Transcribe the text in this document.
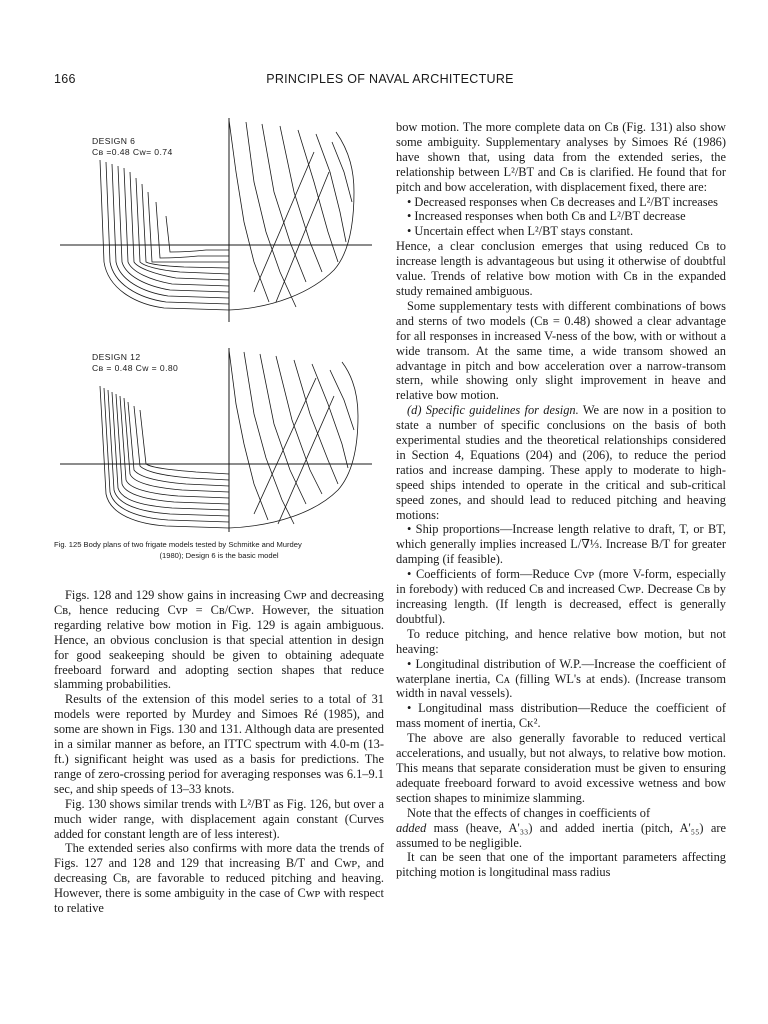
166	PRINCIPLES OF NAVAL ARCHITECTURE
DESIGN 6
Cʙ =0.48 Cᴡ= 0.74
DESIGN 12
Cʙ = 0.48 Cᴡ = 0.80
Fig. 125 Body plans of two frigate models tested by Schmitke and Murdey
(1980); Design 6 is the basic model

bow motion. The more complete data on Cʙ (Fig. 131) also show some ambiguity. Supplementary analyses by Simoes Ré (1986) have shown that, using data from the extended series, the relationship between L²/BT and Cʙ is clarified. He found that for pitch and bow acceleration, with displacement fixed, there are:

• Decreased responses when Cʙ decreases and L²/BT increases

• Increased responses when both Cʙ and L²/BT decrease

• Uncertain effect when L²/BT stays constant.

Hence, a clear conclusion emerges that using reduced Cʙ to increase length is advantageous but using it otherwise of doubtful value. Trends of relative bow motion with Cʙ in the expanded study remained ambiguous.

Some supplementary tests with different combinations of bows and sterns of two models (Cʙ = 0.48) showed a clear advantage for all responses in increased V-ness of the bow, with or without a wide transom. At the same time, a wide transom showed an advantage in pitch and bow acceleration over a narrow-transom stern, while showing only slight improvement in heave and relative bow motion.

(d) Specific guidelines for design. We are now in a position to state a number of specific conclusions on the basis of both experimental studies and the theoretical relationships considered in Section 4, Equations (204) and (206), to reduce the period ratios and increase damping. These apply to moderate to high-speed ships intended to operate in the critical and sub-critical speed zones, and should lead to reduced pitching and heaving motions:

• Ship proportions—Increase length relative to draft, T, or BT, which generally implies increased L/∇⅓. Increase B/T for greater damping (if feasible).

• Coefficients of form—Reduce Cᴠᴘ (more V-form, especially in forebody) with reduced Cʙ and increased Cᴡᴘ. Decrease Cʙ by increasing length. (If length is decreased, effect is generally doubtful).

To reduce pitching, and hence relative bow motion, but not heaving:

• Longitudinal distribution of W.P.—Increase the coefficient of waterplane inertia, Cᴀ (filling WL's at ends). (Increase transom width in naval vessels).

• Longitudinal mass distribution—Reduce the coefficient of mass moment of inertia, Cᴋ².

The above are also generally favorable to reduced vertical accelerations, and usually, but not always, to relative bow motion. This means that separate consideration must be given to ensuring adequate freeboard forward to avoid excessive wetness and bow section shapes to minimize slamming.

Note that the effects of changes in coefficients of

added mass (heave, A'₃₃) and added inertia (pitch, A'₅₅) are assumed to be negligible.

It can be seen that one of the important parameters affecting pitching motion is longitudinal mass radius

Figs. 128 and 129 show gains in increasing Cᴡᴘ and decreasing Cʙ, hence reducing Cᴠᴘ = Cʙ/Cᴡᴘ. However, the situation regarding relative bow motion in Fig. 129 is again ambiguous. Hence, an obvious conclusion is that special attention in design for good seakeeping should be given to obtaining adequate freeboard forward and adopting section shapes that reduce slamming probabilities.

Results of the extension of this model series to a total of 31 models were reported by Murdey and Simoes Ré (1985), and some are shown in Figs. 130 and 131. Although data are presented in a similar manner as before, an ITTC spectrum with 4.0-m (13-ft.) significant height was used as a basis for predictions. The range of zero-crossing period for averaging responses was 6.1–9.1 sec, and ship speeds of 13–33 knots.

Fig. 130 shows similar trends with L²/BT as Fig. 126, but over a much wider range, with displacement again constant (Curves added for constant length are of less interest).

The extended series also confirms with more data the trends of Figs. 127 and 128 and 129 that increasing B/T and Cᴡᴘ, and decreasing Cʙ, are favorable to reduced pitching and heaving. However, there is some ambiguity in the case of Cᴡᴘ with respect to relative
